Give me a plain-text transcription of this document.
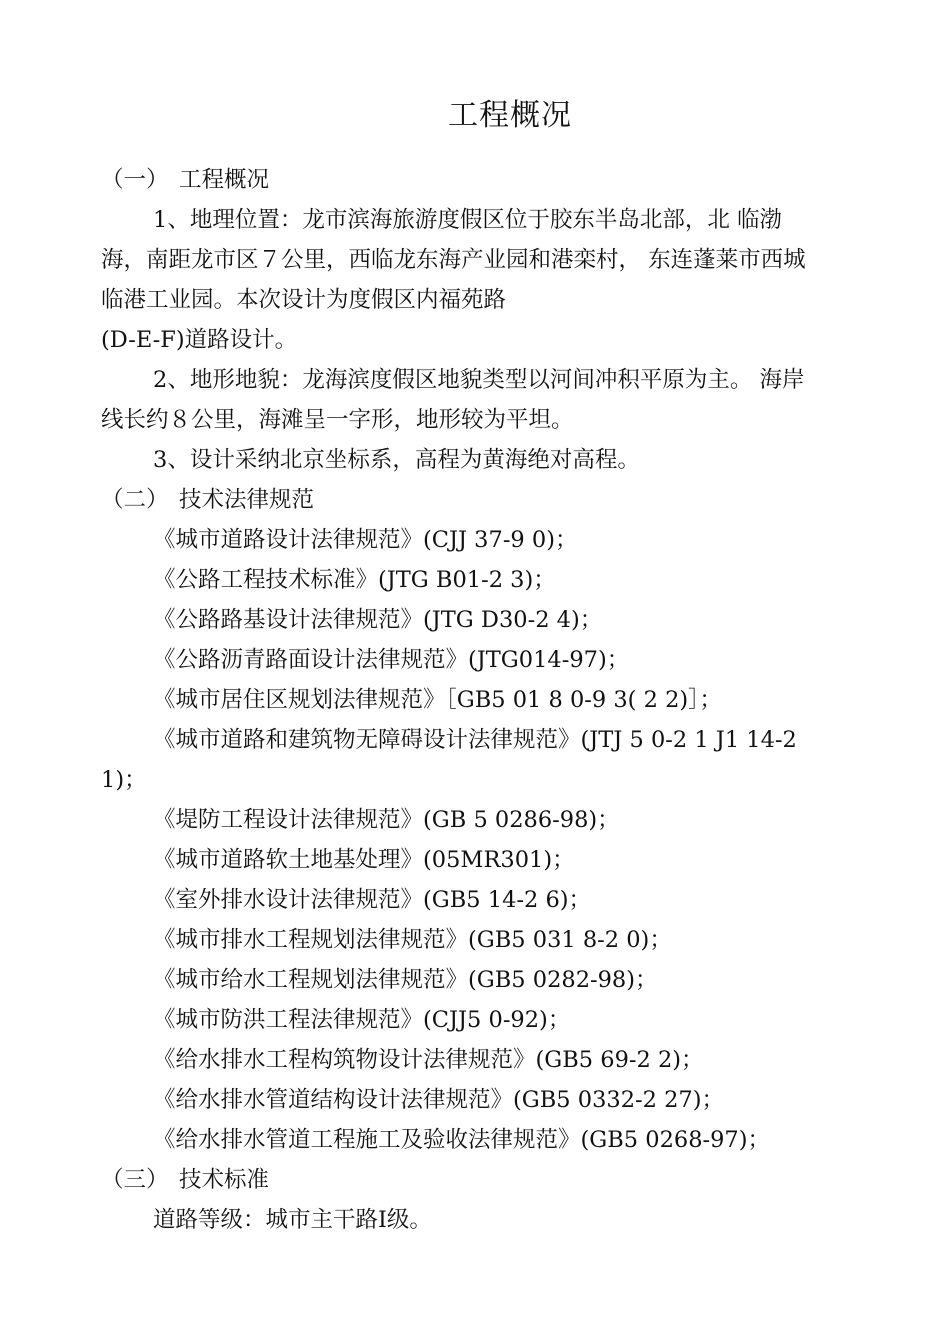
工程概况
（一） 工程概况
1、地理位置：龙市滨海旅游度假区位于胶东半岛北部，北 临渤
海，南距龙市区７公里，西临龙东海产业园和港栾村， 东连蓬莱市西城
临港工业园。本次设计为度假区内福苑路
(D-E-F)道路设计。
2、地形地貌：龙海滨度假区地貌类型以河间冲积平原为主。 海岸
线长约８公里，海滩呈一字形，地形较为平坦。
3、设计采纳北京坐标系，高程为黄海绝对高程。
（二） 技术法律规范
《城市道路设计法律规范》(CJJ 37-9 0)；
《公路工程技术标准》(JTG B01-2 3)；
《公路路基设计法律规范》(JTG D30-2 4)；
《公路沥青路面设计法律规范》(JTG014-97)；
《城市居住区规划法律规范》［GB5 01 8 0-9 3( 2 2)］；
《城市道路和建筑物无障碍设计法律规范》(JTJ 5 0-2 1 J1 14-2
1)；
《堤防工程设计法律规范》(GB 5 0286-98)；
《城市道路软土地基处理》(05MR301)；
《室外排水设计法律规范》(GB5 14-2 6)；
《城市排水工程规划法律规范》(GB5 031 8-2 0)；
《城市给水工程规划法律规范》(GB5 0282-98)；
《城市防洪工程法律规范》(CJJ5 0-92)；
《给水排水工程构筑物设计法律规范》(GB5 69-2 2)；
《给水排水管道结构设计法律规范》(GB5 0332-2 27)；
《给水排水管道工程施工及验收法律规范》(GB5 0268-97)；
（三） 技术标准
道路等级：城市主干路Ⅰ级。
